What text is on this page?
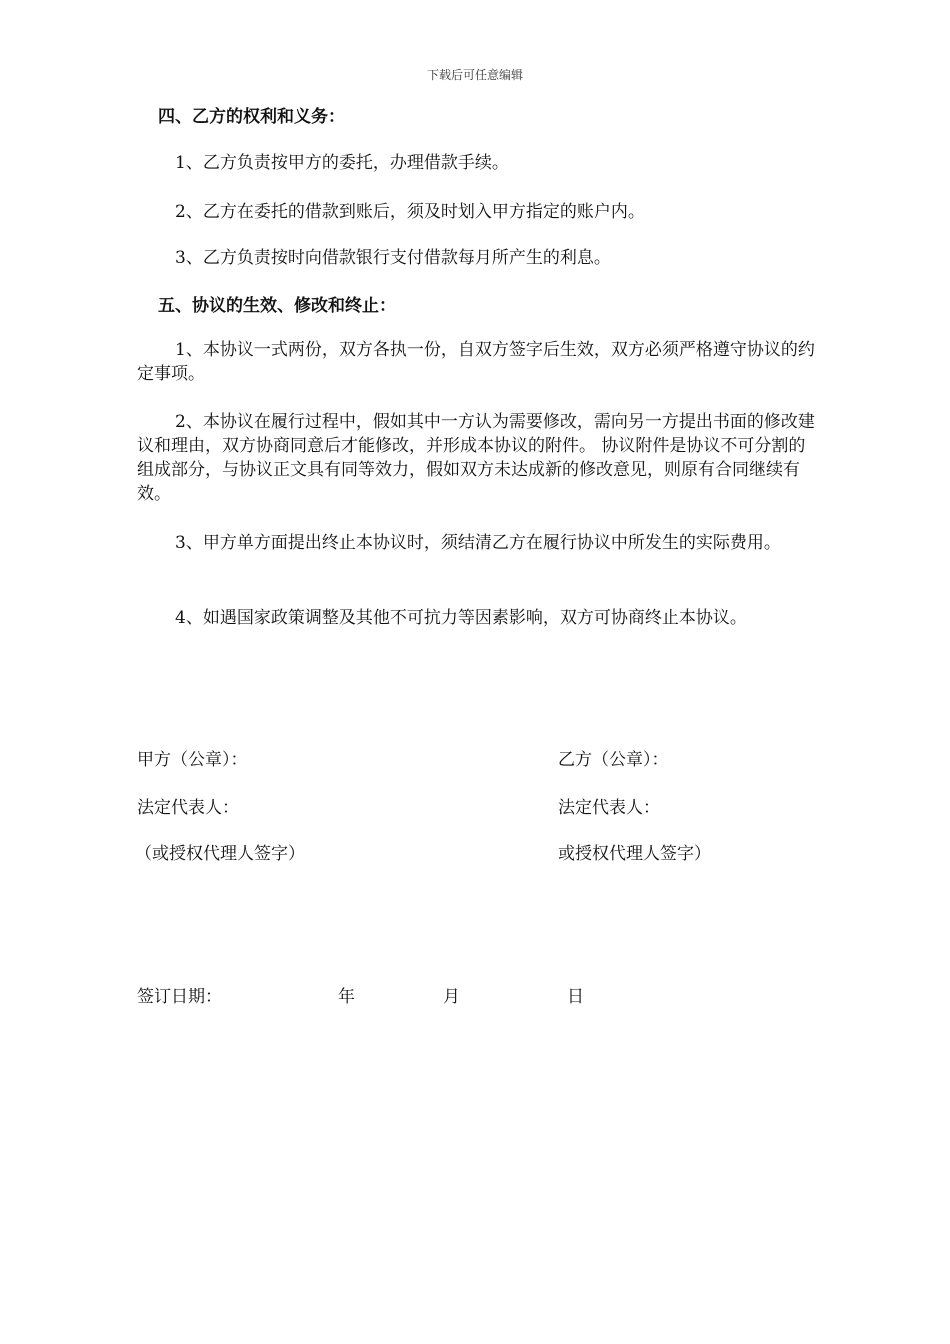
下载后可任意编辑
四、乙方的权利和义务：
1、乙方负责按甲方的委托，办理借款手续。
2、乙方在委托的借款到账后，须及时划入甲方指定的账户内。
3、乙方负责按时向借款银行支付借款每月所产生的利息。
五、协议的生效、修改和终止：
1、本协议一式两份，双方各执一份，自双方签字后生效，双方必须严格遵守协议的约定事项。
2、本协议在履行过程中，假如其中一方认为需要修改，需向另一方提出书面的修改建议和理由，双方协商同意后才能修改，并形成本协议的附件。 协议附件是协议不可分割的组成部分，与协议正文具有同等效力，假如双方未达成新的修改意见，则原有合同继续有效。
3、甲方单方面提出终止本协议时，须结清乙方在履行协议中所发生的实际费用。
4、如遇国家政策调整及其他不可抗力等因素影响，双方可协商终止本协议。
甲方（公章）：
法定代表人：
（或授权代理人签字）
乙方（公章）：
法定代表人：
或授权代理人签字）
签订日期：	年	月	日
